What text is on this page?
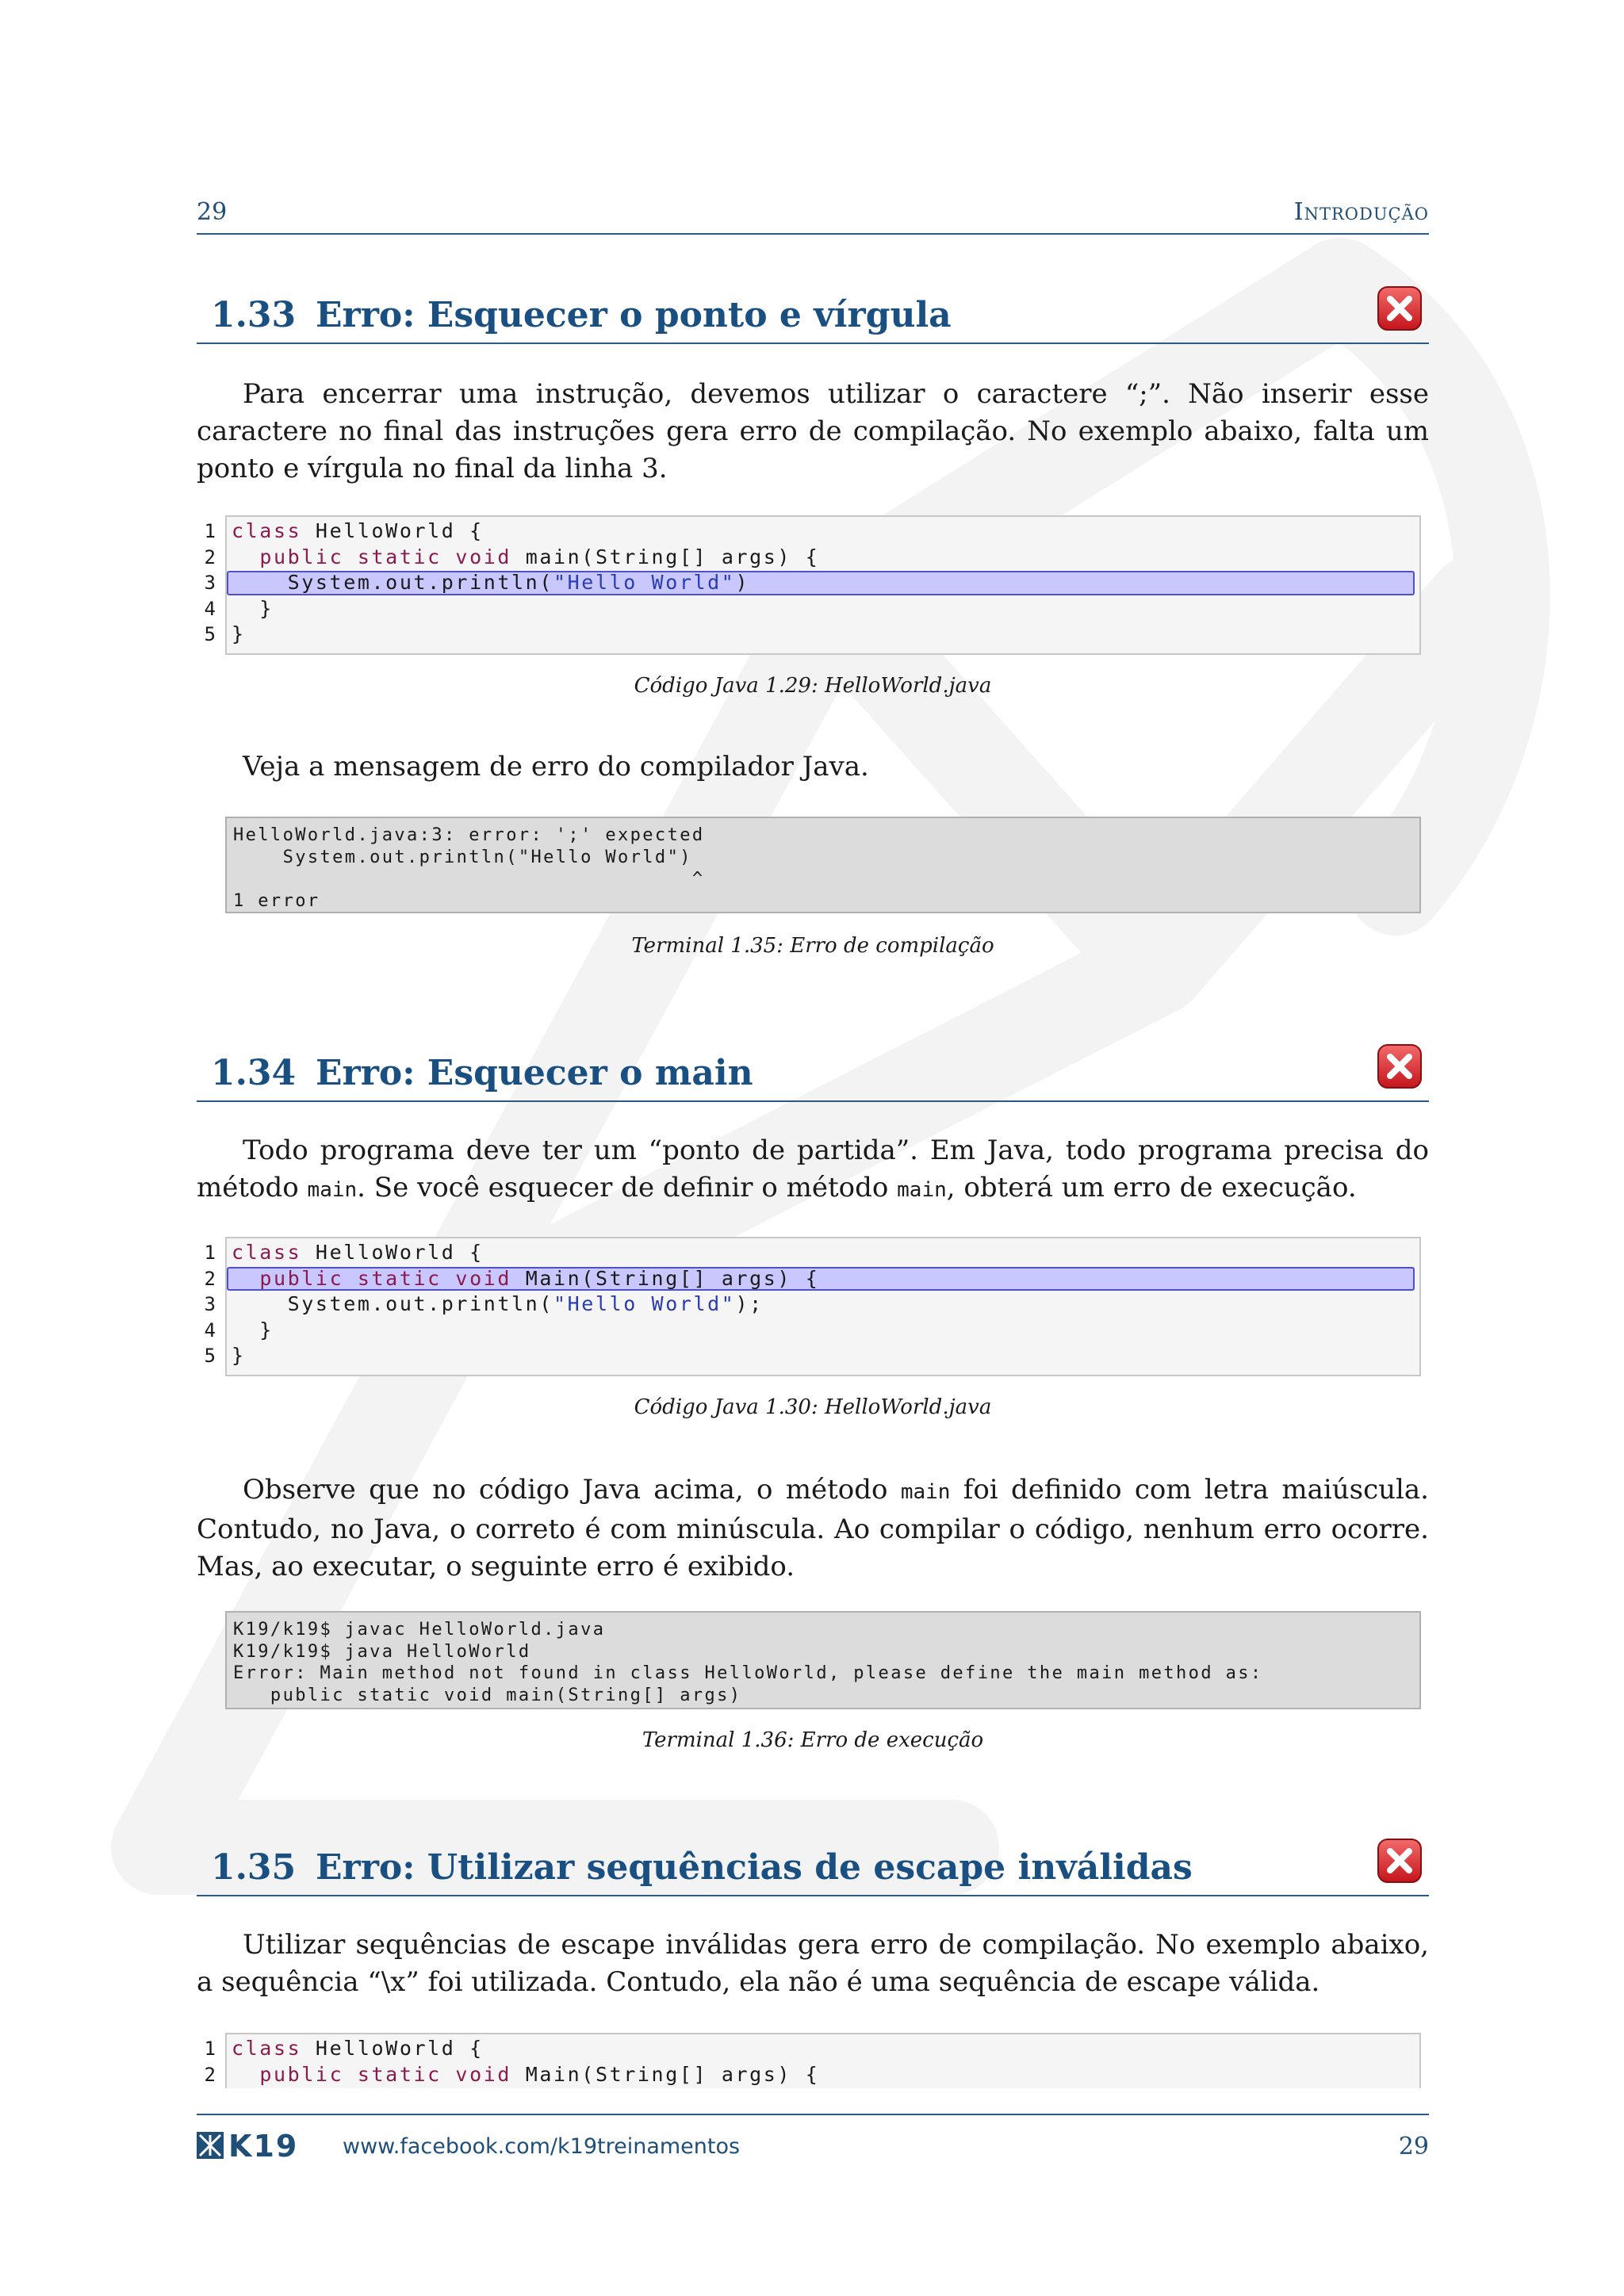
29	Introdução
1.33 Erro: Esquecer o ponto e vírgula
Para encerrar uma instrução, devemos utilizar o caractere “;”. Não inserir esse caractere no final das instruções gera erro de compilação. No exemplo abaixo, falta um ponto e vírgula no final da linha 3.
1
2
3
4
5
class HelloWorld {
public static void main(String[] args) {
System.out.println("Hello World")
}
}
Código Java 1.29: HelloWorld.java
Veja a mensagem de erro do compilador Java.
HelloWorld.java:3: error: ';' expected
System.out.println("Hello World")
^
1 error
Terminal 1.35: Erro de compilação
1.34 Erro: Esquecer o main
Todo programa deve ter um “ponto de partida”. Em Java, todo programa precisa do método main. Se você esquecer de definir o método main, obterá um erro de execução.
1
2
3
4
5
class HelloWorld {
public static void Main(String[] args) {
System.out.println("Hello World");
}
}
Código Java 1.30: HelloWorld.java
Observe que no código Java acima, o método main foi definido com letra maiúscula. Contudo, no Java, o correto é com minúscula. Ao compilar o código, nenhum erro ocorre. Mas, ao executar, o seguinte erro é exibido.
K19/k19$ javac HelloWorld.java
K19/k19$ java HelloWorld
Error: Main method not found in class HelloWorld, please define the main method as:
public static void main(String[] args)
Terminal 1.36: Erro de execução
1.35 Erro: Utilizar sequências de escape inválidas
Utilizar sequências de escape inválidas gera erro de compilação. No exemplo abaixo, a sequência “\x” foi utilizada. Contudo, ela não é uma sequência de escape válida.
1
2
class HelloWorld {
public static void Main(String[] args) {
K19 www.facebook.com/k19treinamentos	29
